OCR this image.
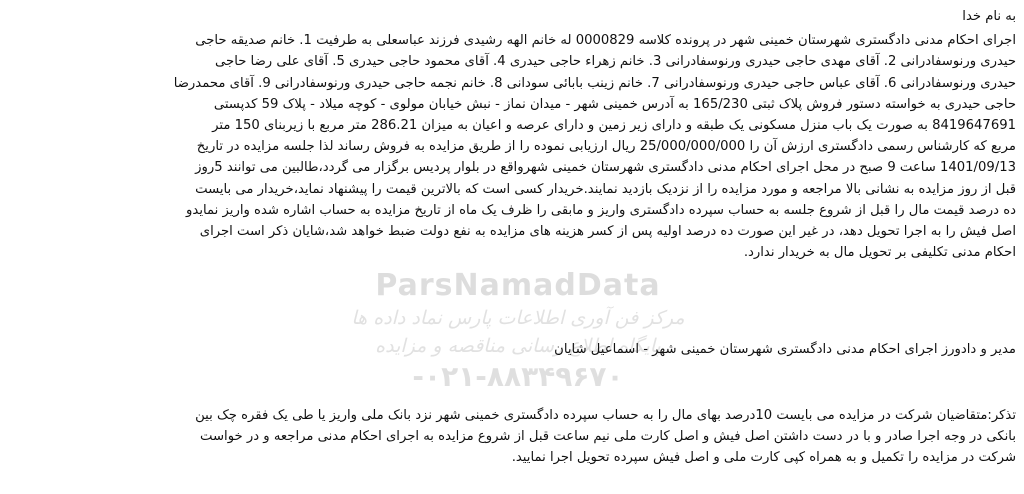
به نام خدا
اجرای احکام مدنی دادگستری شهرستان خمینی شهر در پرونده کلاسه 0000829 له خانم الهه رشیدی فرزند عباسعلی به طرفیت 1. خانم صدیقه حاجی
حیدری ورنوسفادرانی 2. آقای مهدی حاجی حیدری ورنوسفادرانی 3. خانم زهراء حاجی حیدری 4. آقای محمود حاجی حیدری 5. آقای علی رضا حاجی
حیدری ورنوسفادرانی 6. آقای عباس حاجی حیدری ورنوسفادرانی 7. خانم زینب بابائی سودانی 8. خانم نجمه حاجی حیدری ورنوسفادرانی 9. آقای محمدرضا
حاجی حیدری به خواسته دستور فروش پلاک ثبتی 165/230 به آدرس خمینی شهر - میدان نماز - نبش خیابان مولوی - کوچه میلاد - پلاک 59 کدپستی
8419647691 به صورت یک باب منزل مسکونی یک طبقه و دارای زیر زمین و دارای عرصه و اعیان به میزان 286.21 متر مربع با زیربنای 150 متر
مربع که کارشناس رسمی دادگستری ارزش آن را 25/000/000/000 ریال ارزیابی نموده را از طریق مزایده به فروش رساند لذا جلسه مزایده در تاریخ
1401/09/13 ساعت 9 صبح در محل اجرای احکام مدنی دادگستری شهرستان خمینی شهرواقع در بلوار پردیس برگزار می گردد،طالبین می توانند 5روز
قبل از روز مزایده به نشانی بالا مراجعه و مورد مزایده را از نزدیک بازدید نمایند.خریدار کسی است که بالاترین قیمت را پیشنهاد نماید،خریدار می بایست
ده درصد قیمت مال را قبل از شروع جلسه به حساب سپرده دادگستری واریز و مابقی را ظرف یک ماه از تاریخ مزایده به حساب اشاره شده واریز نمایدو
اصل فیش را به اجرا تحویل دهد، در غیر این صورت ده درصد اولیه پس از کسر هزینه های مزایده به نفع دولت ضبط خواهد شد،شایان ذکر است اجرای
احکام مدنی تکلیفی بر تحویل مال به خریدار ندارد.
ParsNamadData
مرکز فن آوری اطلاعات پارس نماد داده ها
پایگاه اطلاع رسانی مناقصه و مزایده
-۰۲۱-۸۸۳۴۹۶۷۰
مدیر و دادورز اجرای احکام مدنی دادگستری شهرستان خمینی شهر - اسماعیل شایان
تذکر:متقاضیان شرکت در مزایده می بایست 10درصد بهای مال را به حساب سپرده دادگستری خمینی شهر نزد بانک ملی واریز یا طی یک فقره چک بین
بانکی در وجه اجرا صادر و با در دست داشتن اصل فیش و اصل کارت ملی نیم ساعت قبل از شروع مزایده به اجرای احکام مدنی مراجعه و در خواست
شرکت در مزایده را تکمیل و به همراه کپی کارت ملی و اصل فیش سپرده تحویل اجرا نمایید.
